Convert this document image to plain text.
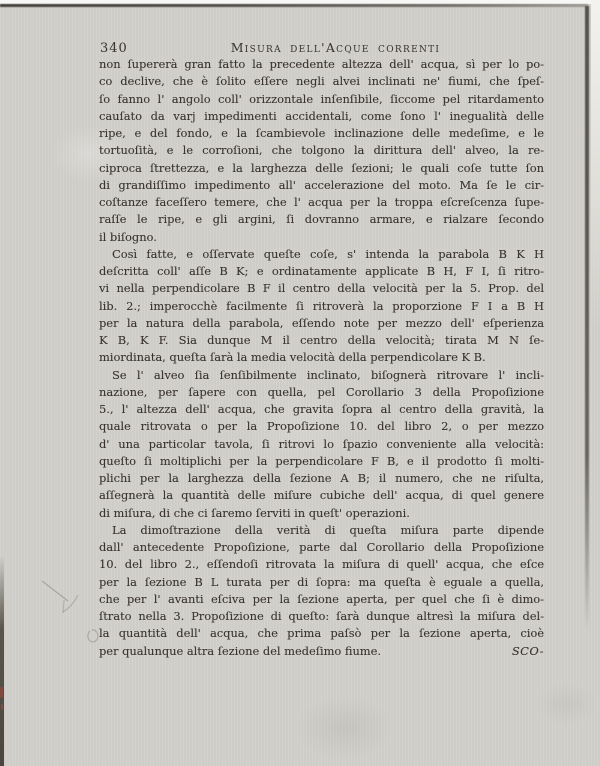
340	Misura dell'Acque correnti
non ſupererà gran fatto la precedente altezza dell' acqua, sì per lo po-
co declive, che è ſolito eſſere negli alvei inclinati ne' fiumi, che ſpeſ-
ſo fanno l' angolo coll' orizzontale inſenſibile, ſiccome pel ritardamento
cauſato da varj impedimenti accidentali, come ſono l' inegualità delle
ripe, e del fondo, e la ſcambievole inclinazione delle medeſime, e le
tortuoſità, e le corroſioni, che tolgono la dirittura dell' alveo, la re-
ciproca ſtrettezza, e la larghezza delle ſezioni; le quali coſe tutte ſon
di grandiſſimo impedimento all' accelerazione del moto. Ma ſe le cir-
coſtanze faceſſero temere, che l' acqua per la troppa eſcreſcenza ſupe-
raſſe le ripe, e gli argini, ſi dovranno armare, e rialzare ſecondo
il biſogno.
Così fatte, e oſſervate queſte coſe, s' intenda la parabola B K H
deſcritta coll' aſſe B K; e ordinatamente applicate B H, F I, ſi ritro-
vi nella perpendicolare B F il centro della velocità per la 5. Prop. del
lib. 2.; imperocchè facilmente ſi ritroverà la proporzione F I a B H
per la natura della parabola, eſſendo note per mezzo dell' eſperienza
K B, K F. Sia dunque M il centro della velocità; tirata M N ſe-
miordinata, queſta ſarà la media velocità della perpendicolare K B.
Se l' alveo ſia ſenſibilmente inclinato, biſognerà ritrovare l' incli-
nazione, per ſapere con quella, pel Corollario 3 della Propoſizione
5., l' altezza dell' acqua, che gravita ſopra al centro della gravità, la
quale ritrovata o per la Propoſizione 10. del libro 2, o per mezzo
d' una particolar tavola, ſi ritrovi lo ſpazio conveniente alla velocità:
queſto ſi moltiplichi per la perpendicolare F B, e il prodotto ſi molti-
plichi per la larghezza della ſezione A B; il numero, che ne riſulta,
aſſegnerà la quantità delle miſure cubiche dell' acqua, di quel genere
di miſura, di che ci ſaremo ſerviti in queſt' operazioni.
La dimoſtrazione della verità di queſta miſura parte dipende
dall' antecedente Propoſizione, parte dal Corollario della Propoſizione
10. del libro 2., eſſendoſi ritrovata la miſura di quell' acqua, che eſce
per la ſezione B L turata per di ſopra: ma queſta è eguale a quella,
che per l' avanti eſciva per la ſezione aperta, per quel che ſi è dimo-
ſtrato nella 3. Propoſizione di queſto: ſarà dunque altresì la miſura del-
la quantità dell' acqua, che prima paſsò per la ſezione aperta, cioè
per qualunque altra ſezione del medeſimo fiume.	SCO-
